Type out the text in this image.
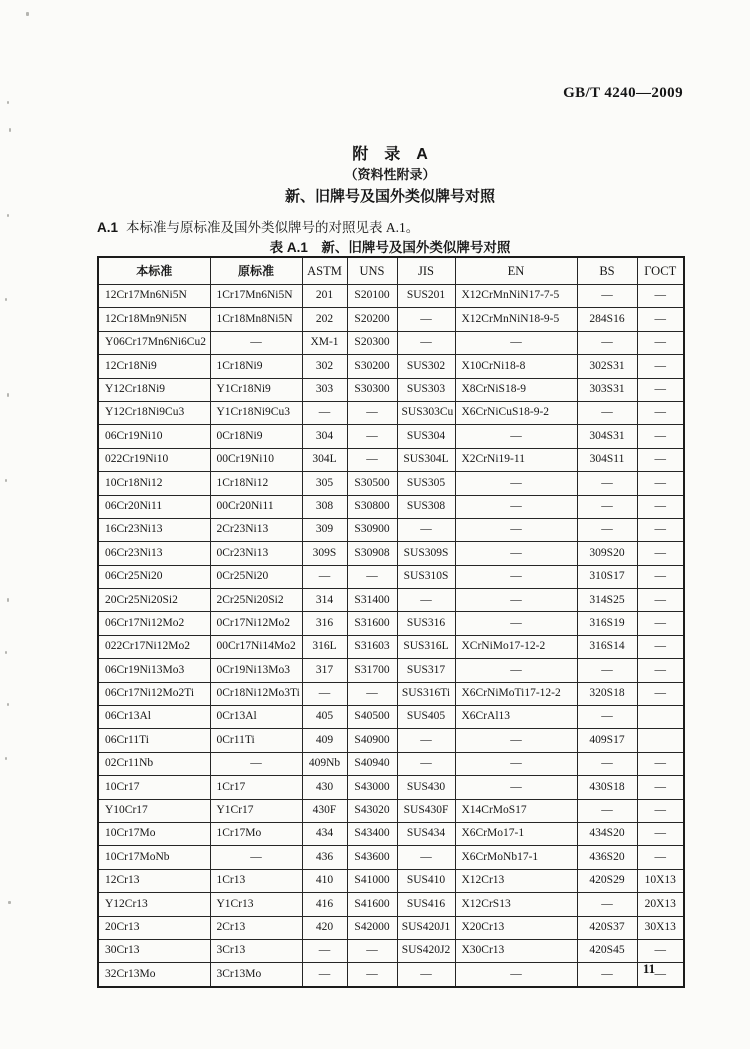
GB/T 4240—2009
附　录　A
（资料性附录）
新、旧牌号及国外类似牌号对照
A.1 本标准与原标准及国外类似牌号的对照见表 A.1。
表 A.1　新、旧牌号及国外类似牌号对照
本标准	原标准	ASTM	UNS	JIS	EN	BS	ГОСТ
12Cr17Mn6Ni5N	1Cr17Mn6Ni5N	201	S20100	SUS201	X12CrMnNiN17-7-5	—	—
12Cr18Mn9Ni5N	1Cr18Mn8Ni5N	202	S20200	—	X12CrMnNiN18-9-5	284S16	—
Y06Cr17Mn6Ni6Cu2	—	XM-1	S20300	—	—	—	—
12Cr18Ni9	1Cr18Ni9	302	S30200	SUS302	X10CrNi18-8	302S31	—
Y12Cr18Ni9	Y1Cr18Ni9	303	S30300	SUS303	X8CrNiS18-9	303S31	—
Y12Cr18Ni9Cu3	Y1Cr18Ni9Cu3	—	—	SUS303Cu	X6CrNiCuS18-9-2	—	—
06Cr19Ni10	0Cr18Ni9	304	—	SUS304	—	304S31	—
022Cr19Ni10	00Cr19Ni10	304L	—	SUS304L	X2CrNi19-11	304S11	—
10Cr18Ni12	1Cr18Ni12	305	S30500	SUS305	—	—	—
06Cr20Ni11	00Cr20Ni11	308	S30800	SUS308	—	—	—
16Cr23Ni13	2Cr23Ni13	309	S30900	—	—	—	—
06Cr23Ni13	0Cr23Ni13	309S	S30908	SUS309S	—	309S20	—
06Cr25Ni20	0Cr25Ni20	—	—	SUS310S	—	310S17	—
20Cr25Ni20Si2	2Cr25Ni20Si2	314	S31400	—	—	314S25	—
06Cr17Ni12Mo2	0Cr17Ni12Mo2	316	S31600	SUS316	—	316S19	—
022Cr17Ni12Mo2	00Cr17Ni14Mo2	316L	S31603	SUS316L	XCrNiMo17-12-2	316S14	—
06Cr19Ni13Mo3	0Cr19Ni13Mo3	317	S31700	SUS317	—	—	—
06Cr17Ni12Mo2Ti	0Cr18Ni12Mo3Ti	—	—	SUS316Ti	X6CrNiMoTi17-12-2	320S18	—
06Cr13Al	0Cr13Al	405	S40500	SUS405	X6CrAl13	—	
06Cr11Ti	0Cr11Ti	409	S40900	—	—	409S17	
02Cr11Nb	—	409Nb	S40940	—	—	—	—
10Cr17	1Cr17	430	S43000	SUS430	—	430S18	—
Y10Cr17	Y1Cr17	430F	S43020	SUS430F	X14CrMoS17	—	—
10Cr17Mo	1Cr17Mo	434	S43400	SUS434	X6CrMo17-1	434S20	—
10Cr17MoNb	—	436	S43600	—	X6CrMoNb17-1	436S20	—
12Cr13	1Cr13	410	S41000	SUS410	X12Cr13	420S29	10X13
Y12Cr13	Y1Cr13	416	S41600	SUS416	X12CrS13	—	20X13
20Cr13	2Cr13	420	S42000	SUS420J1	X20Cr13	420S37	30X13
30Cr13	3Cr13	—	—	SUS420J2	X30Cr13	420S45	—
32Cr13Mo	3Cr13Mo	—	—	—	—	—	—
11
